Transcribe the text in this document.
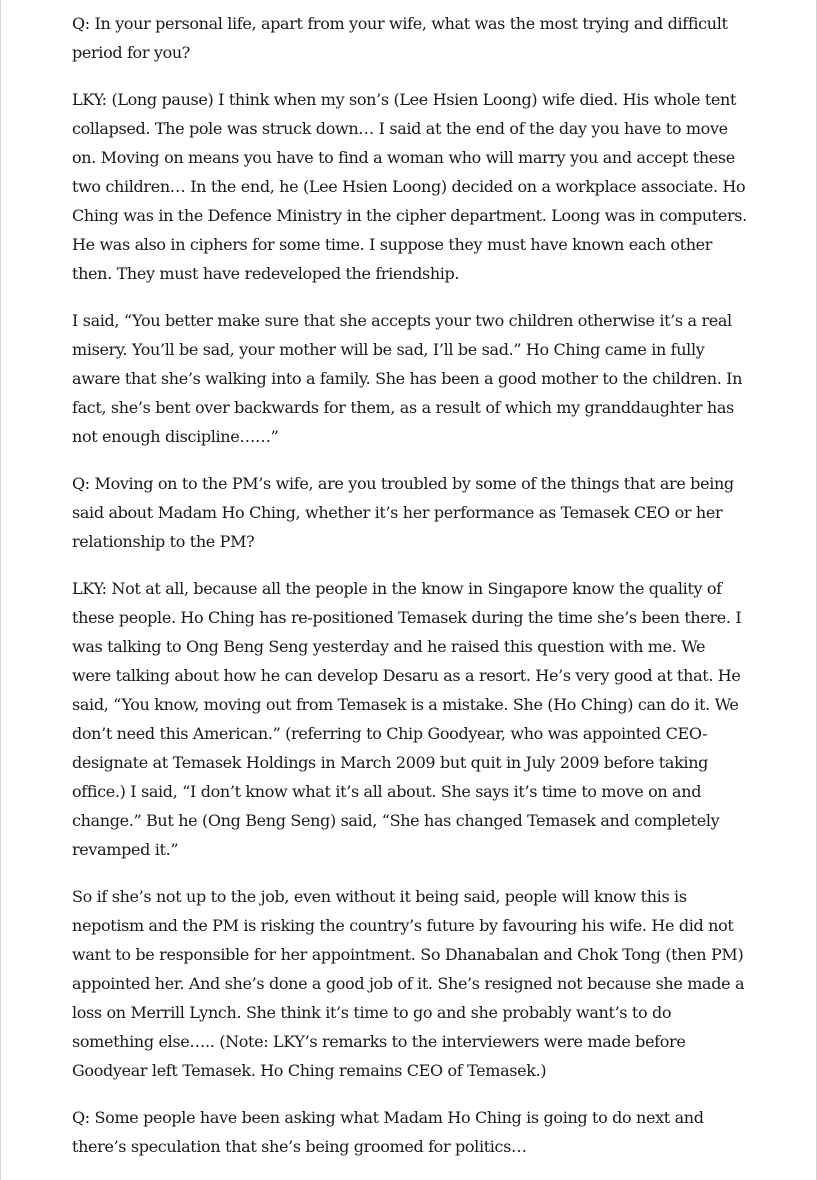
Q: In your personal life, apart from your wife, what was the most trying and difficult period for you?

LKY: (Long pause) I think when my son’s (Lee Hsien Loong) wife died. His whole tent collapsed. The pole was struck down… I said at the end of the day you have to move on. Moving on means you have to find a woman who will marry you and accept these two children… In the end, he (Lee Hsien Loong) decided on a workplace associate. Ho Ching was in the Defence Ministry in the cipher department. Loong was in computers. He was also in ciphers for some time. I suppose they must have known each other then. They must have redeveloped the friendship.

I said, “You better make sure that she accepts your two children otherwise it’s a real misery. You’ll be sad, your mother will be sad, I’ll be sad.” Ho Ching came in fully aware that she’s walking into a family. She has been a good mother to the children. In fact, she’s bent over backwards for them, as a result of which my granddaughter has not enough discipline……”

Q: Moving on to the PM’s wife, are you troubled by some of the things that are being said about Madam Ho Ching, whether it’s her performance as Temasek CEO or her relationship to the PM?

LKY: Not at all, because all the people in the know in Singapore know the quality of these people. Ho Ching has re-positioned Temasek during the time she’s been there. I was talking to Ong Beng Seng yesterday and he raised this question with me. We were talking about how he can develop Desaru as a resort. He’s very good at that. He said, “You know, moving out from Temasek is a mistake. She (Ho Ching) can do it. We don’t need this American.” (referring to Chip Goodyear, who was appointed CEO-designate at Temasek Holdings in March 2009 but quit in July 2009 before taking office.) I said, “I don’t know what it’s all about. She says it’s time to move on and change.” But he (Ong Beng Seng) said, “She has changed Temasek and completely revamped it.”

So if she’s not up to the job, even without it being said, people will know this is nepotism and the PM is risking the country’s future by favouring his wife. He did not want to be responsible for her appointment. So Dhanabalan and Chok Tong (then PM) appointed her. And she’s done a good job of it. She’s resigned not because she made a loss on Merrill Lynch. She think it’s time to go and she probably want’s to do something else….. (Note: LKY’s remarks to the interviewers were made before Goodyear left Temasek. Ho Ching remains CEO of Temasek.)

Q: Some people have been asking what Madam Ho Ching is going to do next and there’s speculation that she’s being groomed for politics…
